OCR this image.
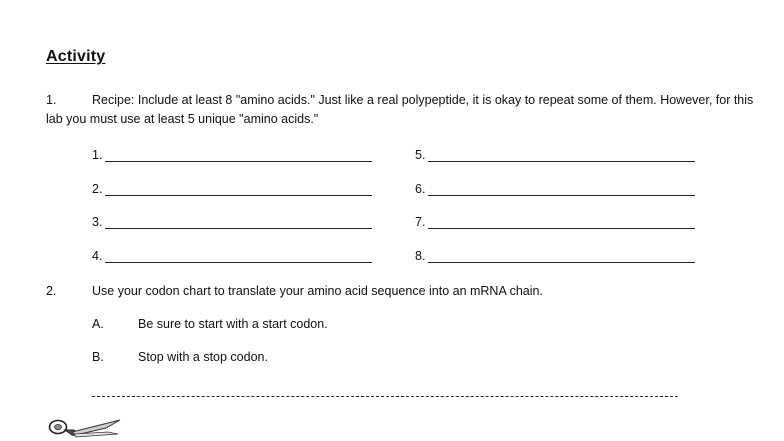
Activity
1.	Recipe: Include at least 8 "amino acids." Just like a real polypeptide, it is okay to repeat some of them. However, for this lab you must use at least 5 unique "amino acids."
1.	5.
2.	6.
3.	7.
4.	8.
2.	Use your codon chart to translate your amino acid sequence into an mRNA chain.
A.	Be sure to start with a start codon.
B.	Stop with a stop codon.
